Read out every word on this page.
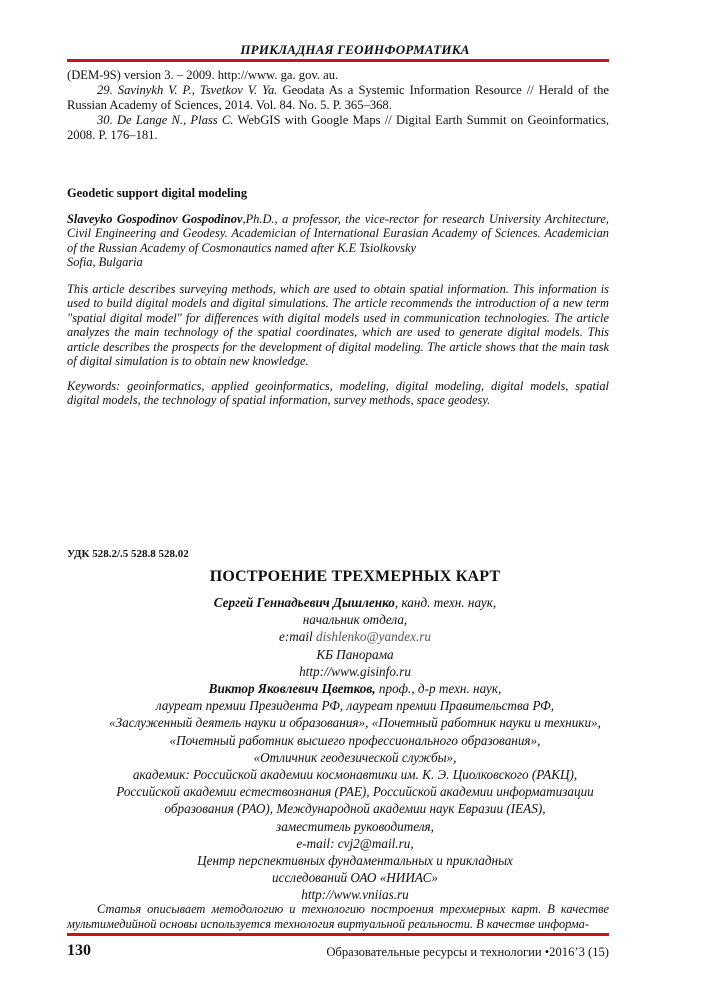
ПРИКЛАДНАЯ ГЕОИНФОРМАТИКА

(DEM-9S) version 3. – 2009. http://www. ga. gov. au.

29. Savinykh V. P., Tsvetkov V. Ya. Geodata As a Systemic Information Resource // Herald of the Russian Academy of Sciences, 2014. Vol. 84. No. 5. P. 365–368.

30. De Lange N., Plass C. WebGIS with Google Maps // Digital Earth Summit on Geoinformatics, 2008. P. 176–181.

Geodetic support digital modeling

Slaveyko Gospodinov Gospodinov,Ph.D., a professor, the vice-rector for research University Architecture, Civil Engineering and Geodesy. Academician of International Eurasian Academy of Sciences. Academician of the Russian Academy of Cosmonautics named after K.E Tsiolkovsky
Sofia, Bulgaria

This article describes surveying methods, which are used to obtain spatial information. This information is used to build digital models and digital simulations. The article recommends the introduction of a new term "spatial digital model" for differences with digital models used in communication technologies. The article analyzes the main technology of the spatial coordinates, which are used to generate digital models. This article describes the prospects for the development of digital modeling. The article shows that the main task of digital simulation is to obtain new knowledge.

Keywords: geoinformatics, applied geoinformatics, modeling, digital modeling, digital models, spatial digital models, the technology of spatial information, survey methods, space geodesy.

УДК 528.2/.5 528.8 528.02
ПОСТРОЕНИЕ ТРЕХМЕРНЫХ КАРТ
Сергей Геннадьевич Дышленко, канд. техн. наук,
начальник отдела,
e:mail dishlenko@yandex.ru
КБ Панорама
http://www.gisinfo.ru
Виктор Яковлевич Цветков, проф., д-р техн. наук,
лауреат премии Президента РФ, лауреат премии Правительства РФ,
«Заслуженный деятель науки и образования», «Почетный работник науки и техники»,
«Почетный работник высшего профессионального образования»,
«Отличник геодезической службы»,
академик: Российской академии космонавтики им. К. Э. Циолковского (РАКЦ),
Российской академии естествознания (РАЕ), Российской академии информатизации
образования (РАО), Международной академии наук Евразии (IEAS),
заместитель руководителя,
e-mail: cvj2@mail.ru,
Центр перспективных фундаментальных и прикладных
исследований ОАО «НИИАС»
http://www.vniias.ru
Статья описывает методологию и технологию построения трехмерных карт. В качестве мультимедийной основы используется технология виртуальной реальности. В качестве информа-
130	Образовательные ресурсы и технологии •2016’3 (15)
